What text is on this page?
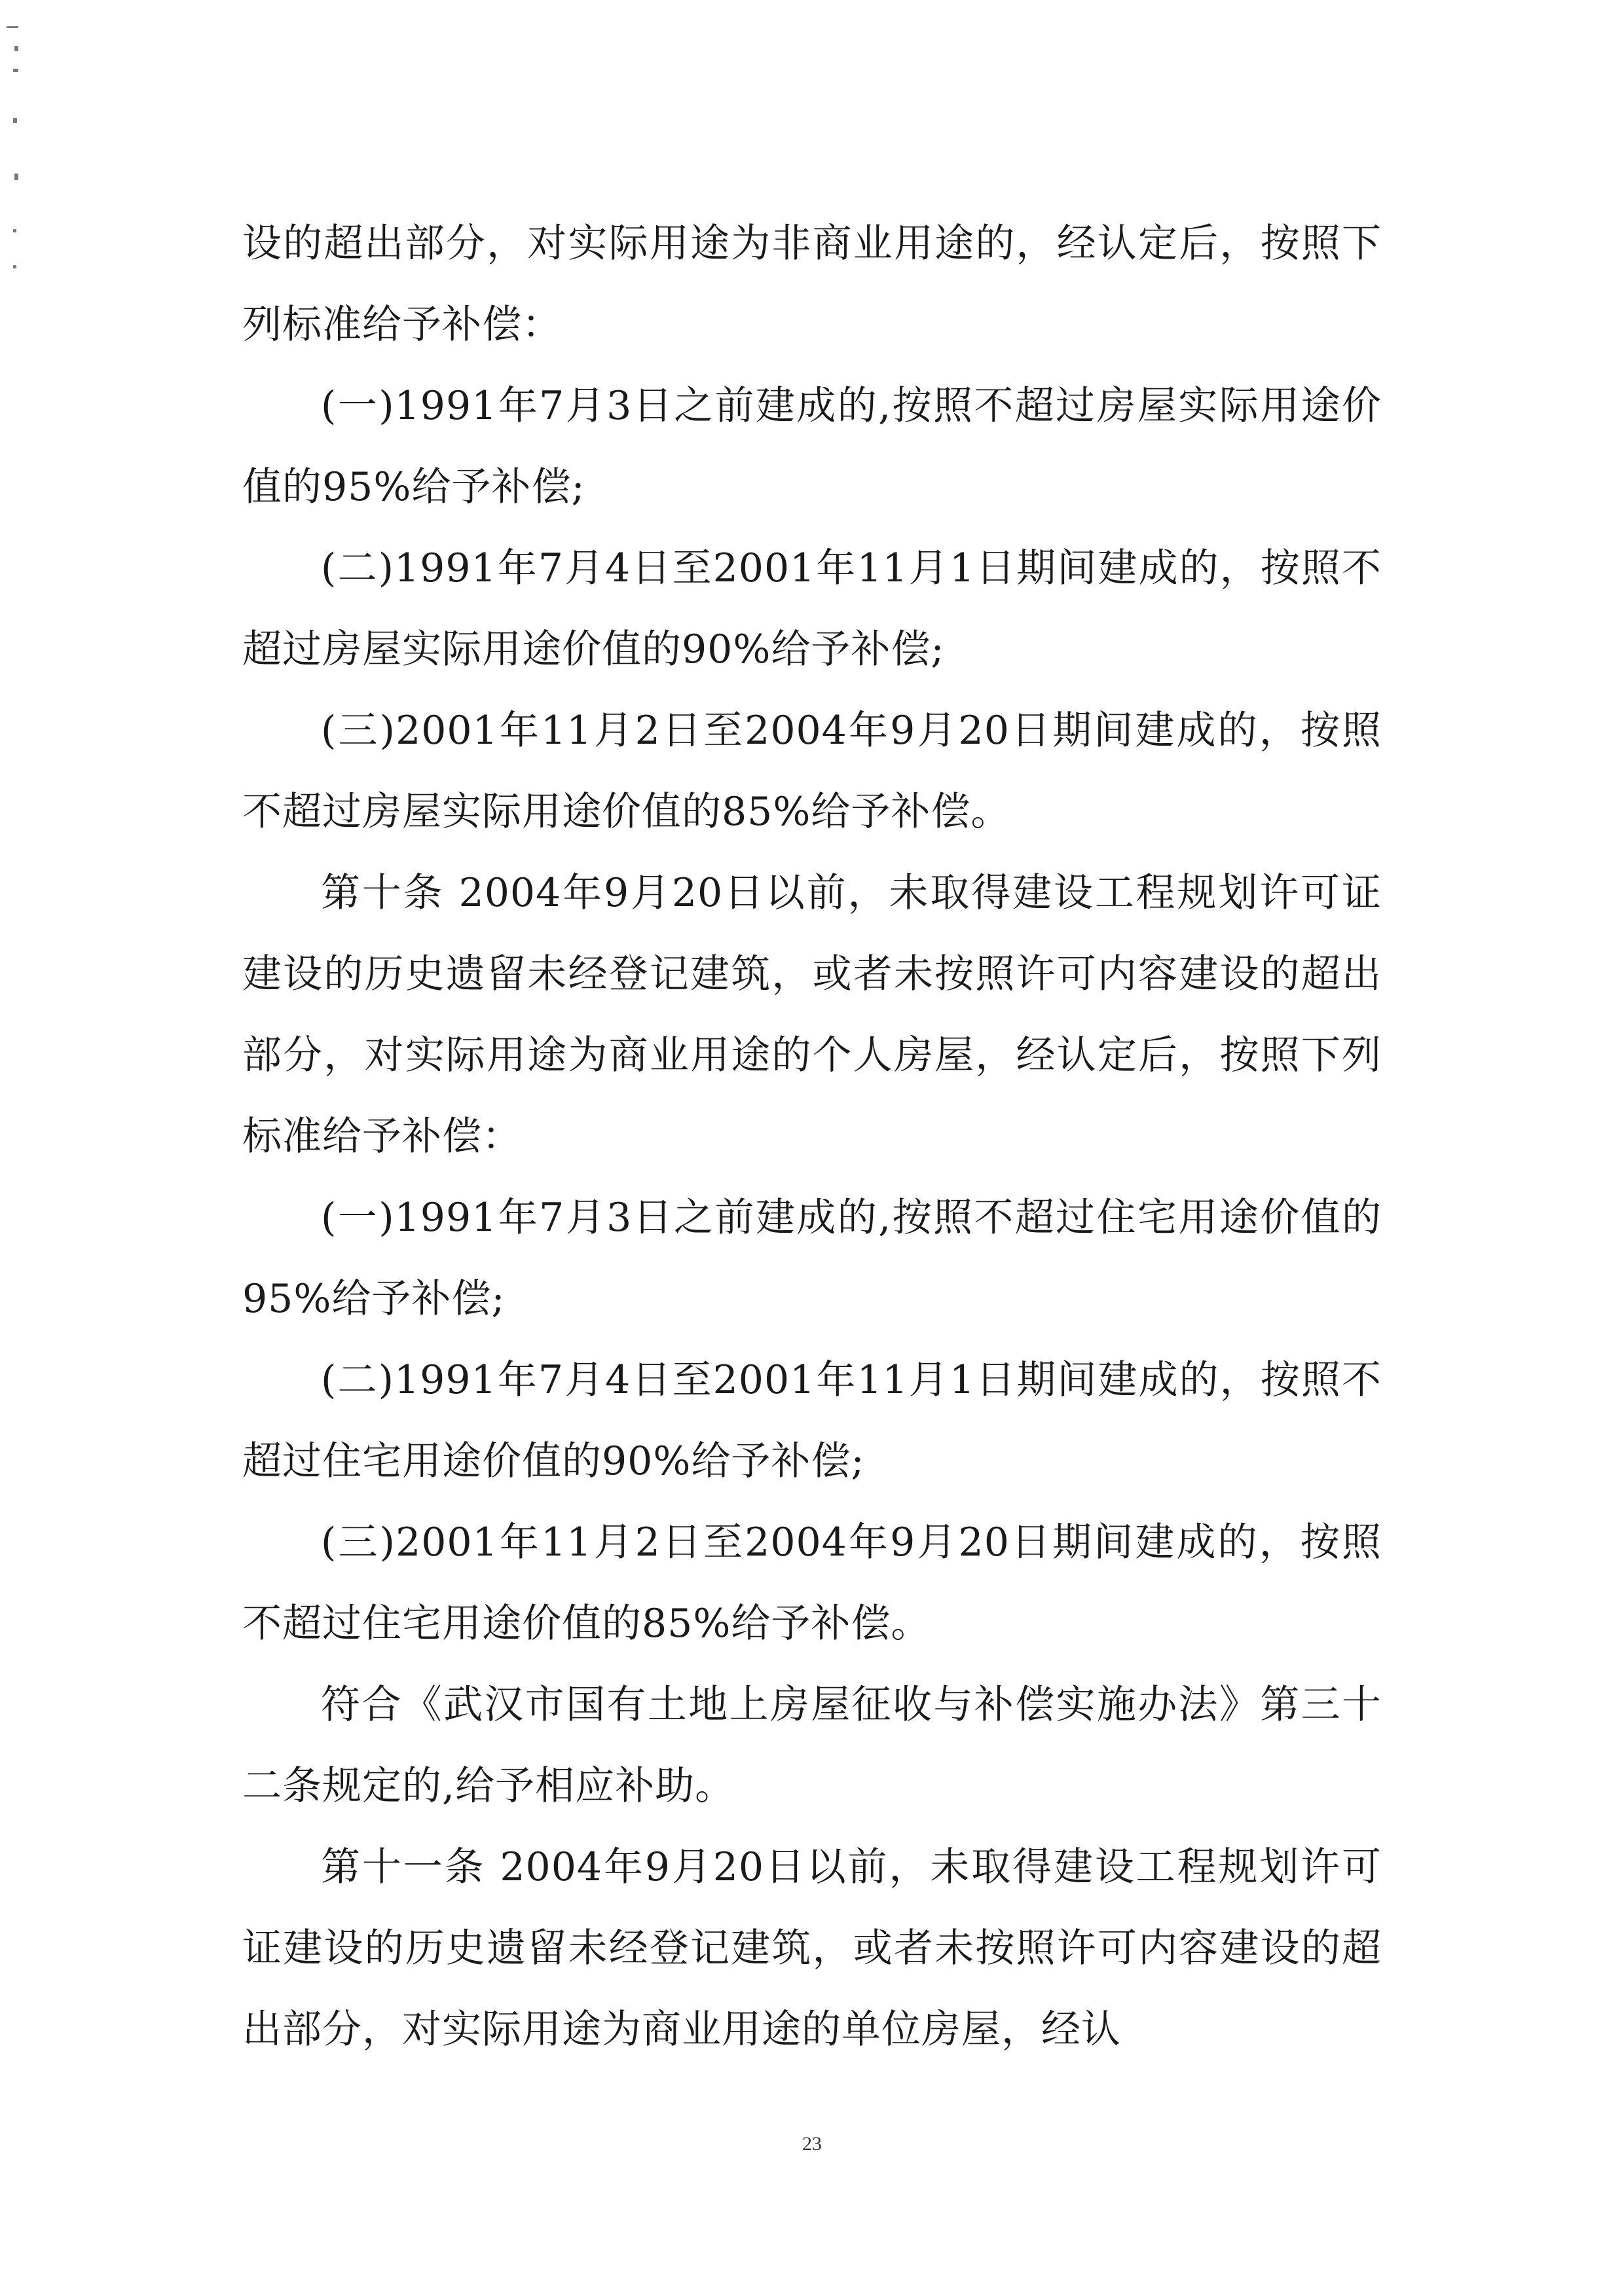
设的超出部分，对实际用途为非商业用途的，经认定后，按照下列标准给予补偿：

(一)1991年7月3日之前建成的,按照不超过房屋实际用途价值的95%给予补偿;

(二)1991年7月4日至2001年11月1日期间建成的，按照不超过房屋实际用途价值的90%给予补偿;

(三)2001年11月2日至2004年9月20日期间建成的，按照不超过房屋实际用途价值的85%给予补偿。

第十条 2004年9月20日以前，未取得建设工程规划许可证建设的历史遗留未经登记建筑，或者未按照许可内容建设的超出部分，对实际用途为商业用途的个人房屋，经认定后，按照下列标准给予补偿：

(一)1991年7月3日之前建成的,按照不超过住宅用途价值的95%给予补偿;

(二)1991年7月4日至2001年11月1日期间建成的，按照不超过住宅用途价值的90%给予补偿;

(三)2001年11月2日至2004年9月20日期间建成的，按照不超过住宅用途价值的85%给予补偿。

符合《武汉市国有土地上房屋征收与补偿实施办法》第三十二条规定的,给予相应补助。

第十一条 2004年9月20日以前，未取得建设工程规划许可证建设的历史遗留未经登记建筑，或者未按照许可内容建设的超出部分，对实际用途为商业用途的单位房屋，经认

23
